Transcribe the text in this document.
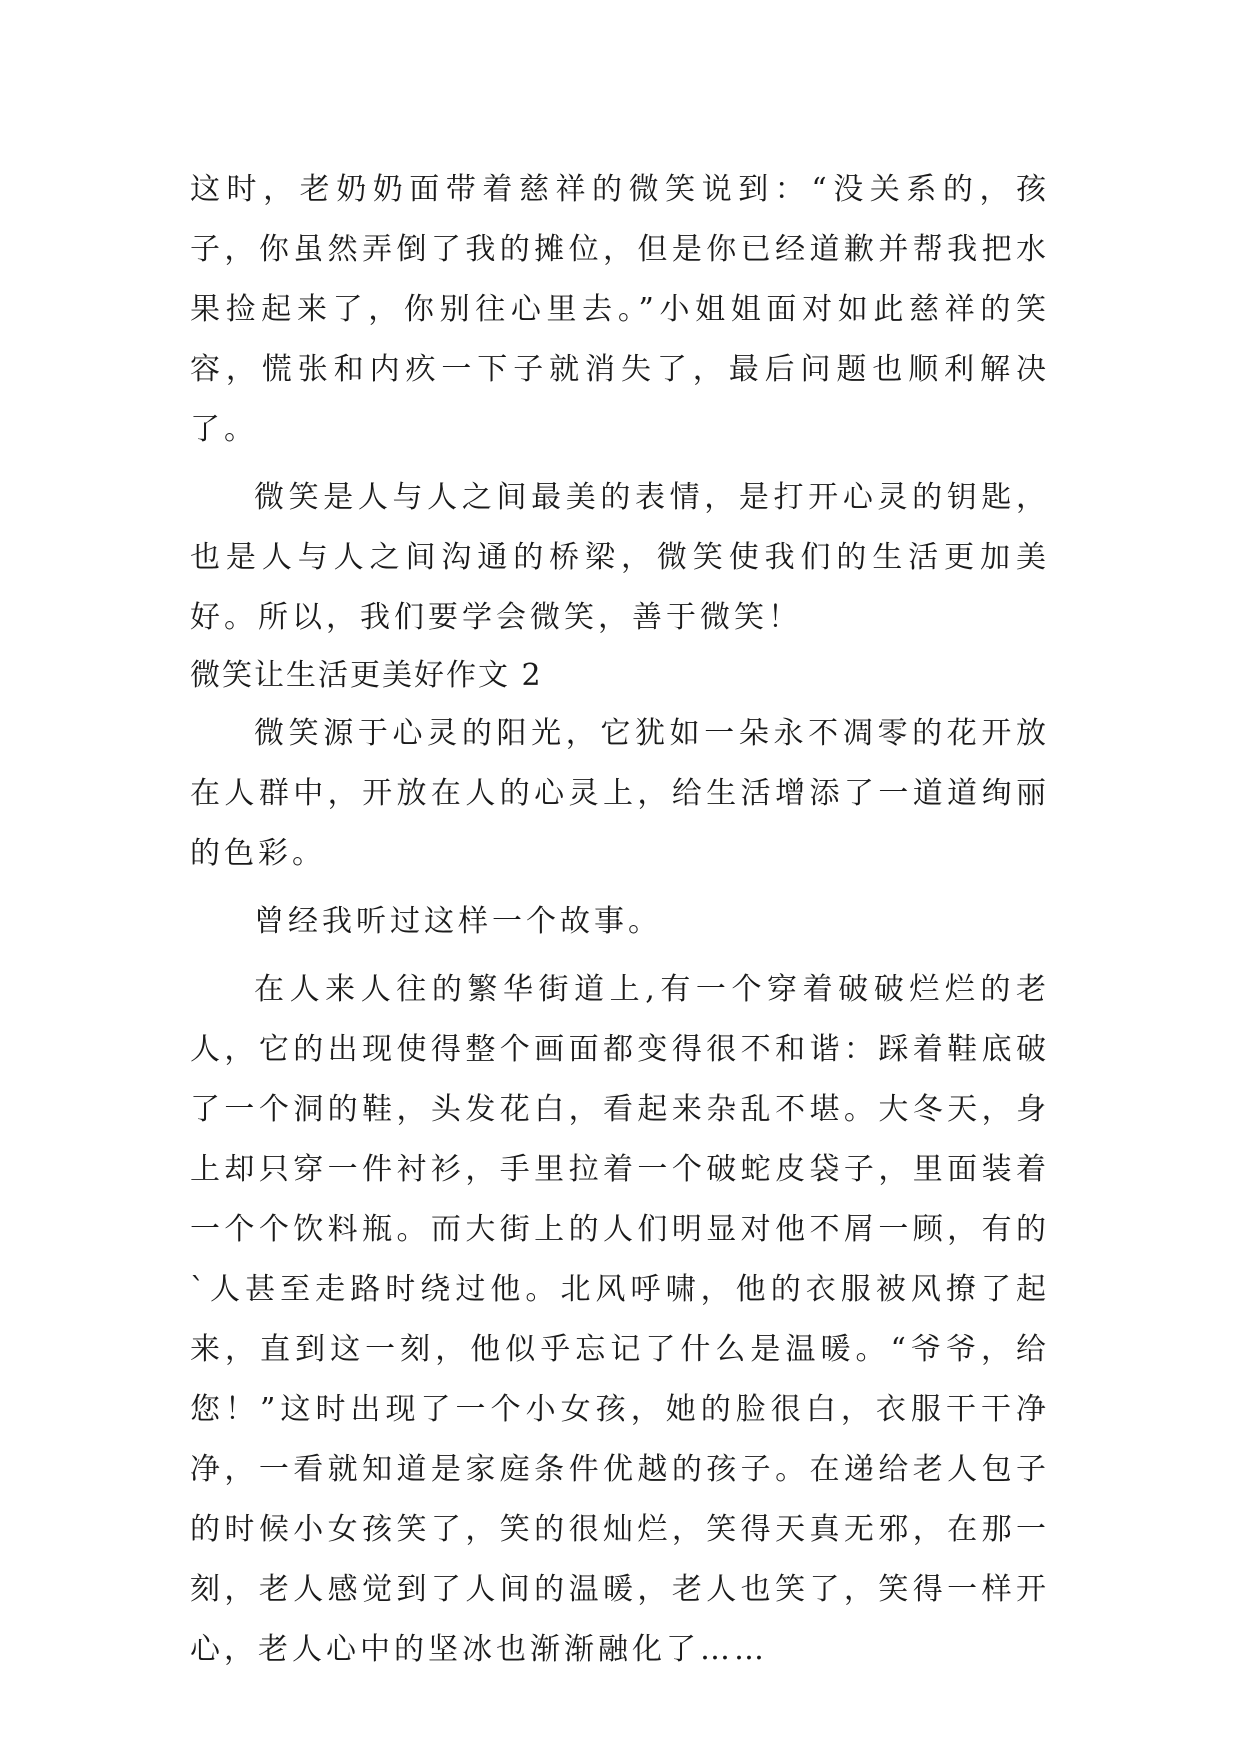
这时，老奶奶面带着慈祥的微笑说到：“没关系的，孩子，你虽然弄倒了我的摊位，但是你已经道歉并帮我把水果捡起来了，你别往心里去。”小姐姐面对如此慈祥的笑容，慌张和内疚一下子就消失了，最后问题也顺利解决了。

微笑是人与人之间最美的表情，是打开心灵的钥匙，也是人与人之间沟通的桥梁，微笑使我们的生活更加美好。所以，我们要学会微笑，善于微笑！

微笑让生活更美好作文 2

微笑源于心灵的阳光，它犹如一朵永不凋零的花开放在人群中，开放在人的心灵上，给生活增添了一道道绚丽的色彩。

曾经我听过这样一个故事。

在人来人往的繁华街道上,有一个穿着破破烂烂的老人，它的出现使得整个画面都变得很不和谐：踩着鞋底破了一个洞的鞋，头发花白，看起来杂乱不堪。大冬天，身上却只穿一件衬衫，手里拉着一个破蛇皮袋子，里面装着一个个饮料瓶。而大街上的人们明显对他不屑一顾，有的`人甚至走路时绕过他。北风呼啸，他的衣服被风撩了起来，直到这一刻，他似乎忘记了什么是温暖。“爷爷，给您！”这时出现了一个小女孩，她的脸很白，衣服干干净净，一看就知道是家庭条件优越的孩子。在递给老人包子的时候小女孩笑了，笑的很灿烂，笑得天真无邪，在那一刻，老人感觉到了人间的温暖，老人也笑了，笑得一样开心，老人心中的坚冰也渐渐融化了……
